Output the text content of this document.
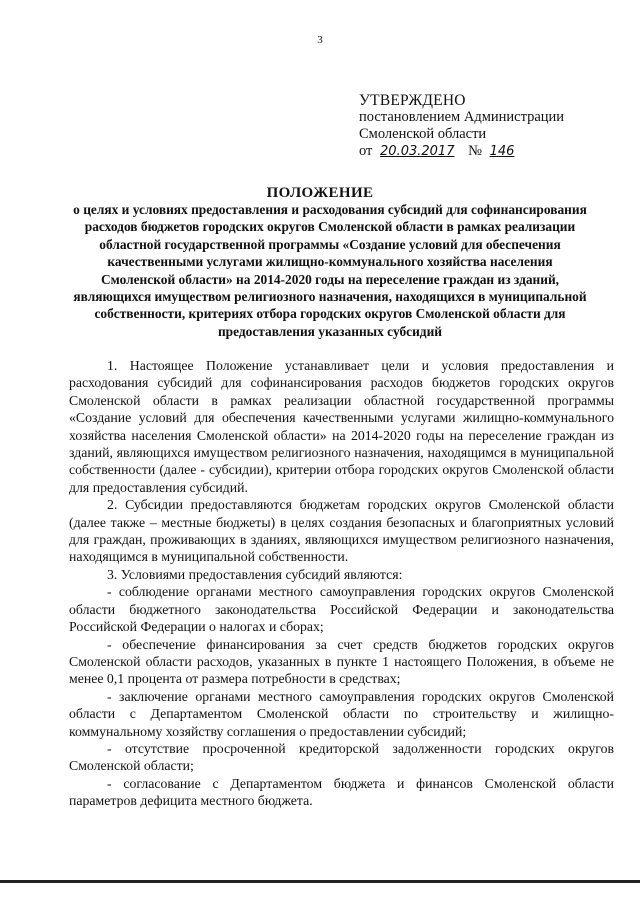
3
УТВЕРЖДЕНО
постановлением Администрации
Смоленской области
от 20.03.2017 № 146
ПОЛОЖЕНИЕ
о целях и условиях предоставления и расходования субсидий для софинансирования расходов бюджетов городских округов Смоленской области в рамках реализации областной государственной программы «Создание условий для обеспечения качественными услугами жилищно-коммунального хозяйства населения Смоленской области» на 2014-2020 годы на переселение граждан из зданий, являющихся имуществом религиозного назначения, находящихся в муниципальной собственности, критериях отбора городских округов Смоленской области для предоставления указанных субсидий

1. Настоящее Положение устанавливает цели и условия предоставления и расходования субсидий для софинансирования расходов бюджетов городских округов Смоленской области в рамках реализации областной государственной программы «Создание условий для обеспечения качественными услугами жилищно-коммунального хозяйства населения Смоленской области» на 2014-2020 годы на переселение граждан из зданий, являющихся имуществом религиозного назначения, находящимся в муниципальной собственности (далее - субсидии), критерии отбора городских округов Смоленской области для предоставления субсидий.

2. Субсидии предоставляются бюджетам городских округов Смоленской области (далее также – местные бюджеты) в целях создания безопасных и благоприятных условий для граждан, проживающих в зданиях, являющихся имуществом религиозного назначения, находящимся в муниципальной собственности.

3. Условиями предоставления субсидий являются:

- соблюдение органами местного самоуправления городских округов Смоленской области бюджетного законодательства Российской Федерации и законодательства Российской Федерации о налогах и сборах;

- обеспечение финансирования за счет средств бюджетов городских округов Смоленской области расходов, указанных в пункте 1 настоящего Положения, в объеме не менее 0,1 процента от размера потребности в средствах;

- заключение органами местного самоуправления городских округов Смоленской области с Департаментом Смоленской области по строительству и жилищно-коммунальному хозяйству соглашения о предоставлении субсидий;

- отсутствие просроченной кредиторской задолженности городских округов Смоленской области;

- согласование с Департаментом бюджета и финансов Смоленской области параметров дефицита местного бюджета.
